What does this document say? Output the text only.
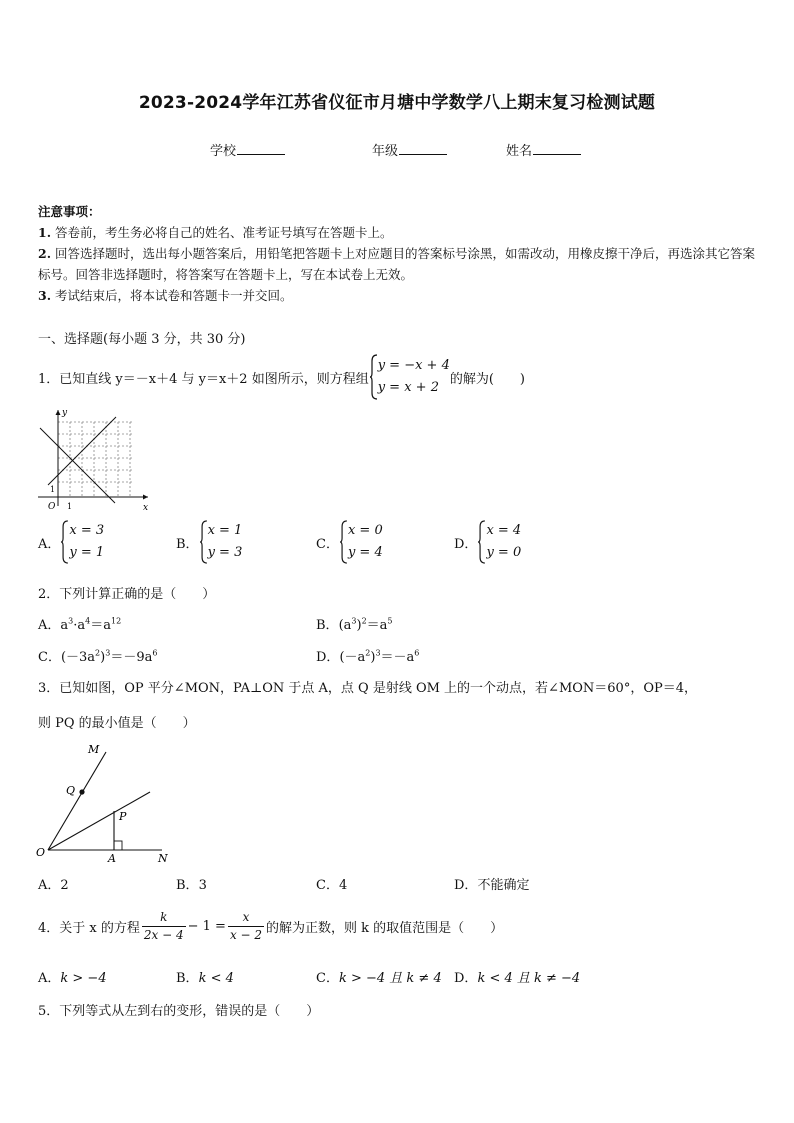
2023-2024学年江苏省仪征市月塘中学数学八上期末复习检测试题
学校	年级	姓名
注意事项：
1. 答卷前，考生务必将自己的姓名、准考证号填写在答题卡上。
2. 回答选择题时，选出每小题答案后，用铅笔把答题卡上对应题目的答案标号涂黑，如需改动，用橡皮擦干净后，再选涂其它答案标号。回答非选择题时，将答案写在答题卡上，写在本试卷上无效。
3. 考试结束后，将本试卷和答题卡一并交回。
一、选择题(每小题 3 分，共 30 分)
1．已知直线 y＝－x＋4 与 y＝x＋2 如图所示，则方程组
y = −x + 4
y = x + 2
的解为(　　)
y
x
O 1
1
A．
x = 3
y = 1
B．
x = 1
y = 3
C．
x = 0
y = 4
D．
x = 4
y = 0
2．下列计算正确的是（　　）
A．$a^3\cdot a^4=a^{12}$	B．$(a^3)^2=a^5$
C．$(-3a^2)^3=-9a^6$	D．$(-a^2)^3=-a^6$
3．已知如图，OP 平分∠MON，PA⊥ON 于点 A，点 Q 是射线 OM 上的一个动点，若∠MON＝60°，OP＝4，
则 PQ 的最小值是（　　）
M
Q
P
O	A	N
A．2	B．3	C．4	D．不能确定
4．关于 x 的方程 $\frac{k}{2x - 4} - 1 = \frac{x}{x - 2}$ 的解为正数，则 k 的取值范围是（　　）
A．k > −4	B．k < 4	C．k > −4 且 k ≠ 4 D．k < 4 且 k ≠ −4
5．下列等式从左到右的变形，错误的是（　　）
